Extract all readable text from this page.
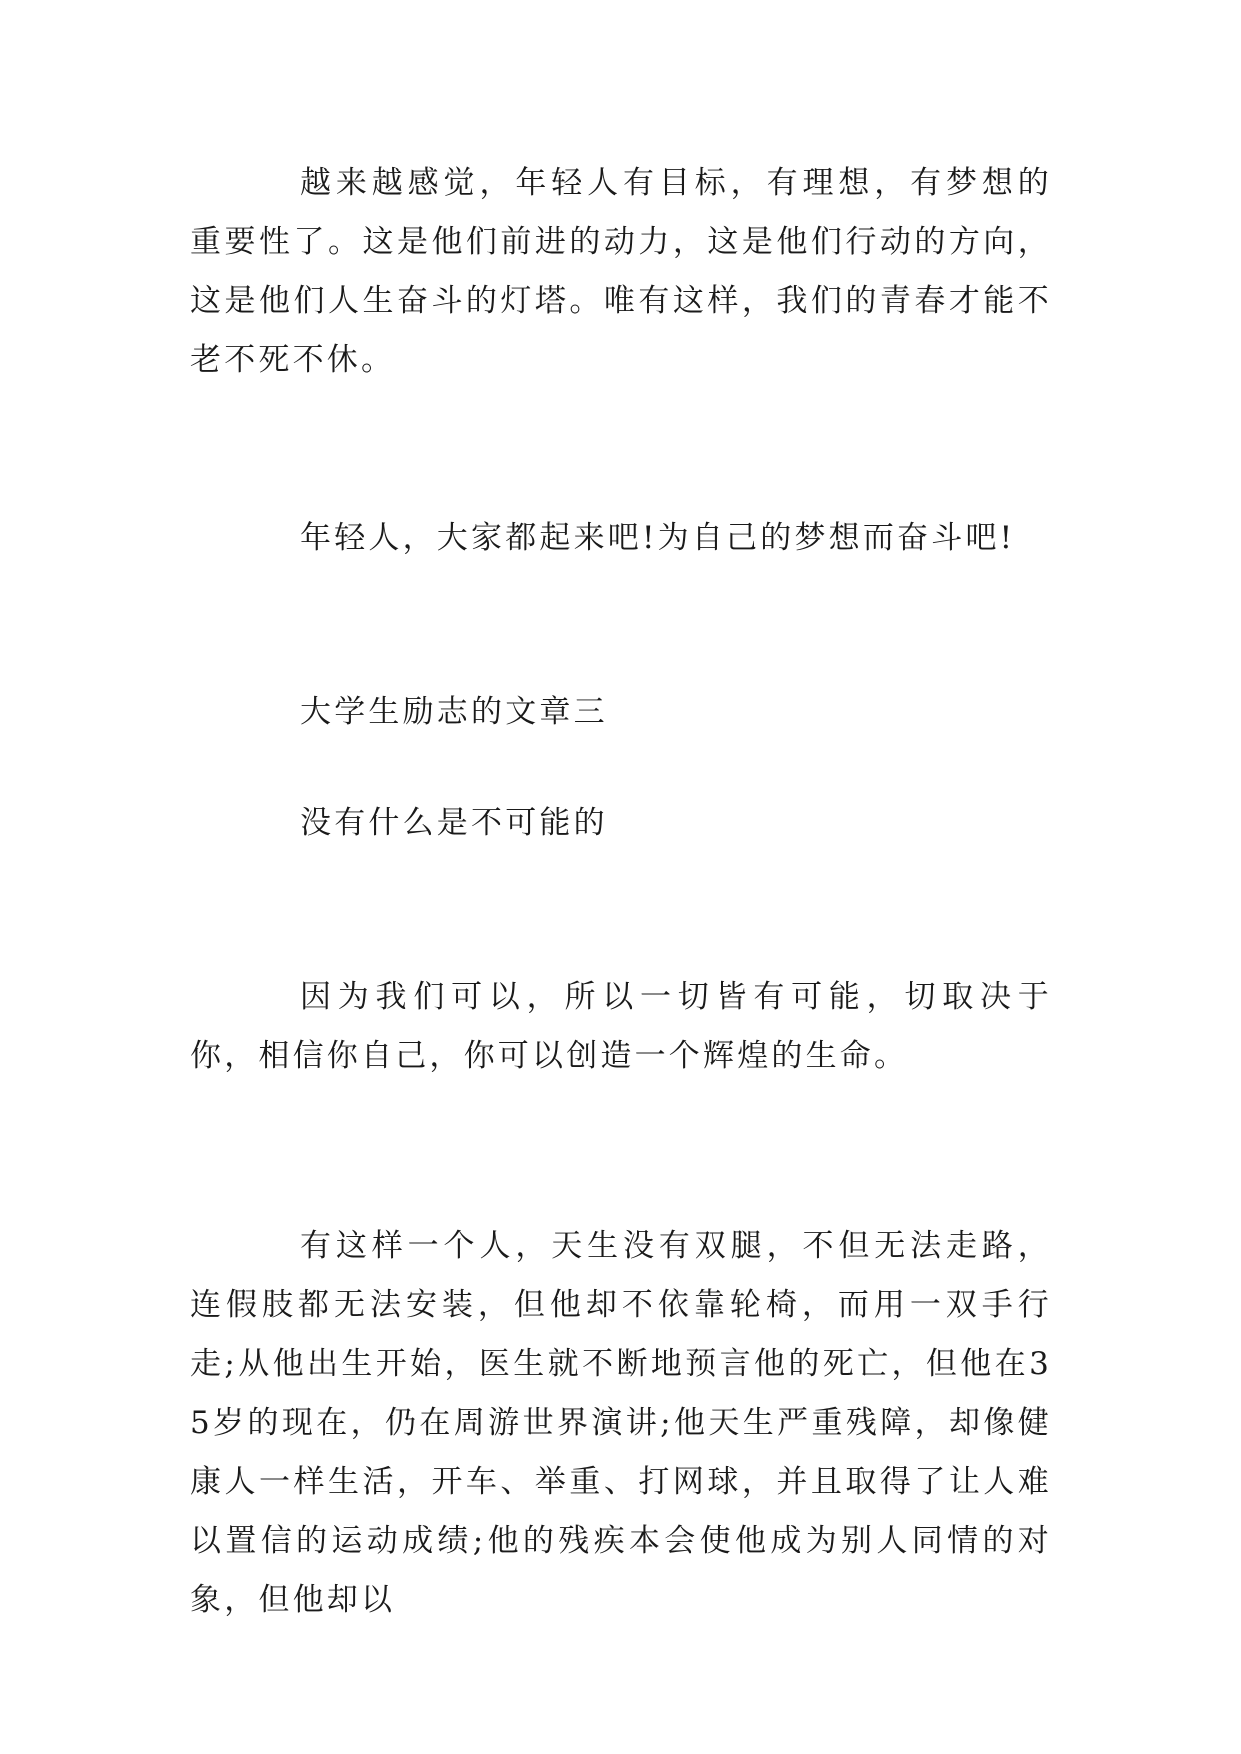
越来越感觉，年轻人有目标，有理想，有梦想的重要性了。这是他们前进的动力，这是他们行动的方向，这是他们人生奋斗的灯塔。唯有这样，我们的青春才能不老不死不休。

年轻人，大家都起来吧!为自己的梦想而奋斗吧!

大学生励志的文章三

没有什么是不可能的

因为我们可以，所以一切皆有可能，切取决于你，相信你自己，你可以创造一个辉煌的生命。

有这样一个人，天生没有双腿，不但无法走路，连假肢都无法安装，但他却不依靠轮椅，而用一双手行走;从他出生开始，医生就不断地预言他的死亡，但他在35岁的现在，仍在周游世界演讲;他天生严重残障，却像健康人一样生活，开车、举重、打网球，并且取得了让人难以置信的运动成绩;他的残疾本会使他成为别人同情的对象，但他却以
